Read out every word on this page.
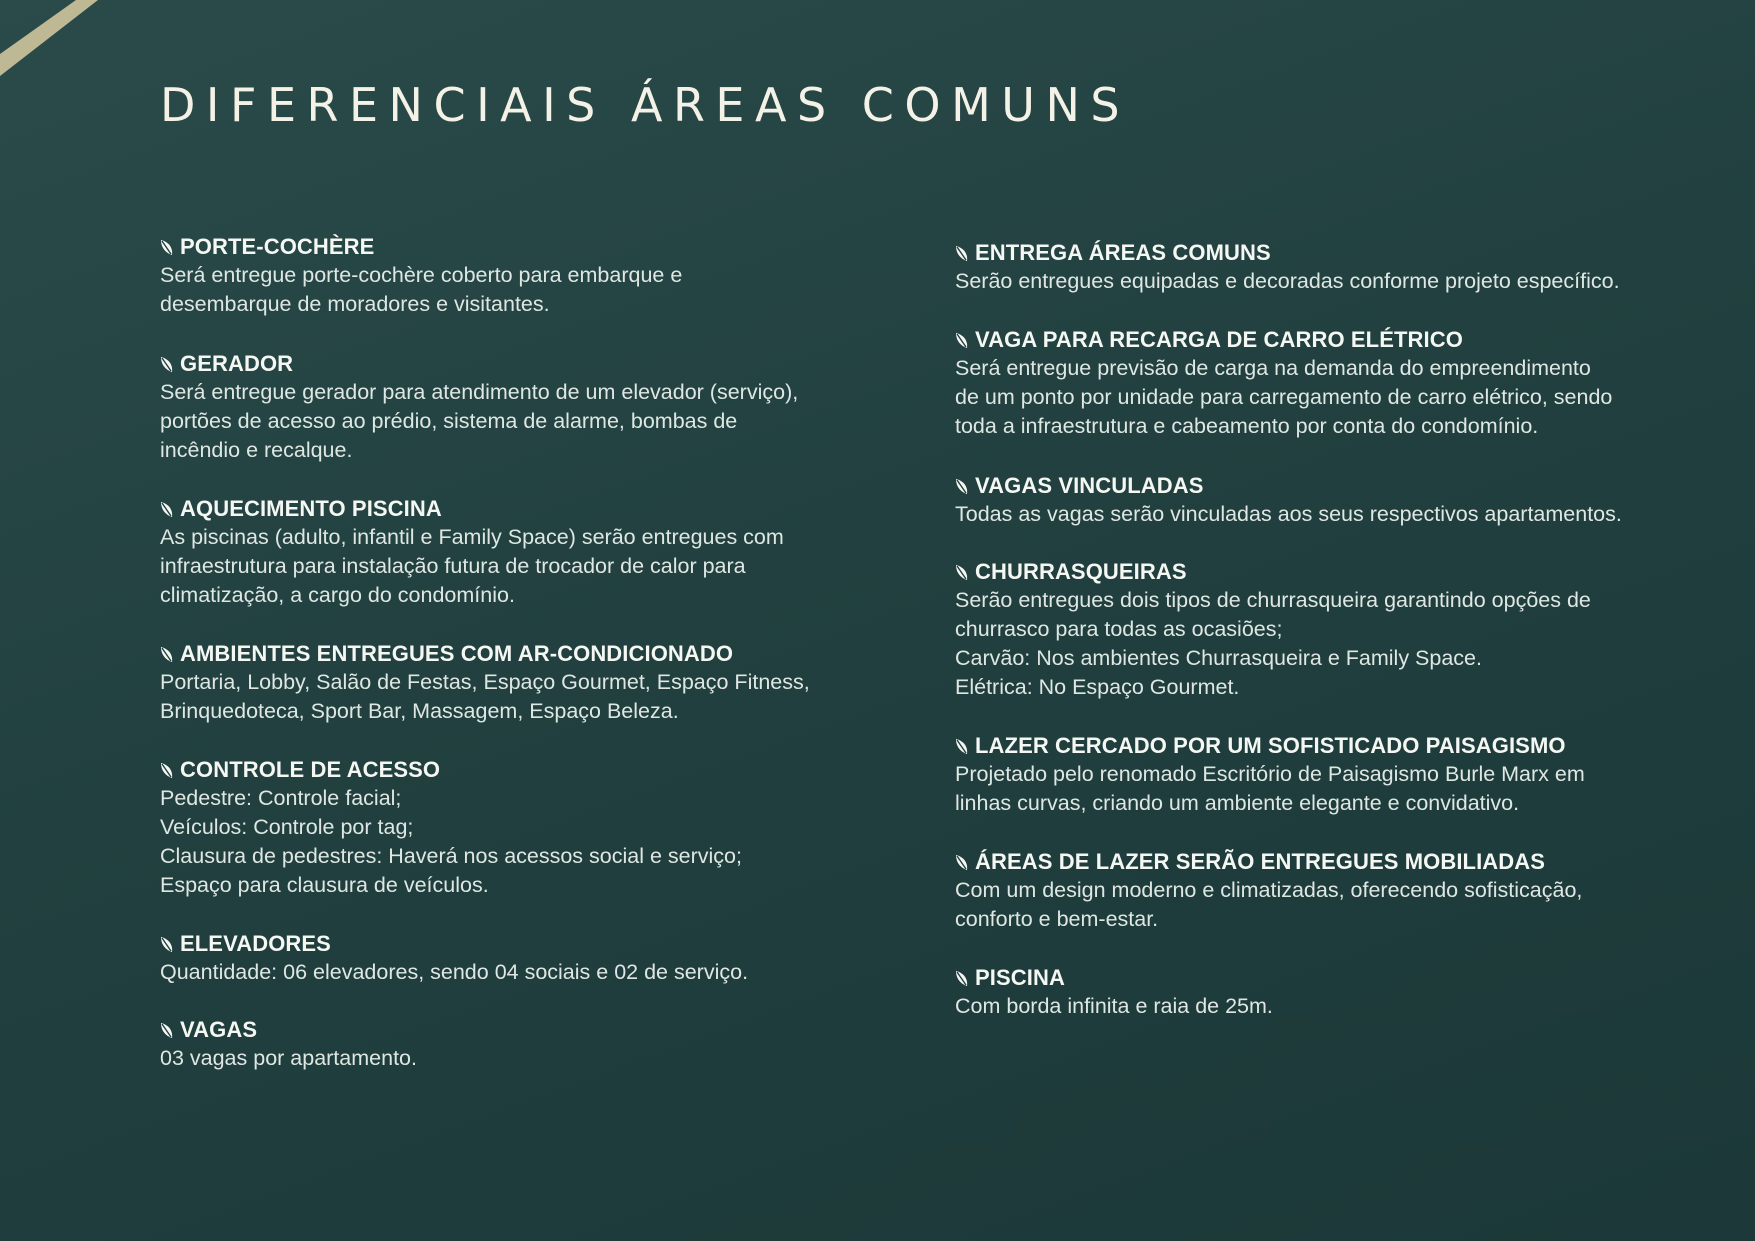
DIFERENCIAIS ÁREAS COMUNS
PORTE-COCHÈRE
Será entregue porte-cochère coberto para embarque e
desembarque de moradores e visitantes.
GERADOR
Será entregue gerador para atendimento de um elevador (serviço),
portões de acesso ao prédio, sistema de alarme, bombas de
incêndio e recalque.
AQUECIMENTO PISCINA
As piscinas (adulto, infantil e Family Space) serão entregues com
infraestrutura para instalação futura de trocador de calor para
climatização, a cargo do condomínio.
AMBIENTES ENTREGUES COM AR-CONDICIONADO
Portaria, Lobby, Salão de Festas, Espaço Gourmet, Espaço Fitness,
Brinquedoteca, Sport Bar, Massagem, Espaço Beleza.
CONTROLE DE ACESSO
Pedestre: Controle facial;
Veículos: Controle por tag;
Clausura de pedestres: Haverá nos acessos social e serviço;
Espaço para clausura de veículos.
ELEVADORES
Quantidade: 06 elevadores, sendo 04 sociais e 02 de serviço.
VAGAS
03 vagas por apartamento.
ENTREGA ÁREAS COMUNS
Serão entregues equipadas e decoradas conforme projeto específico.
VAGA PARA RECARGA DE CARRO ELÉTRICO
Será entregue previsão de carga na demanda do empreendimento
de um ponto por unidade para carregamento de carro elétrico, sendo
toda a infraestrutura e cabeamento por conta do condomínio.
VAGAS VINCULADAS
Todas as vagas serão vinculadas aos seus respectivos apartamentos.
CHURRASQUEIRAS
Serão entregues dois tipos de churrasqueira garantindo opções de
churrasco para todas as ocasiões;
Carvão: Nos ambientes Churrasqueira e Family Space.
Elétrica: No Espaço Gourmet.
LAZER CERCADO POR UM SOFISTICADO PAISAGISMO
Projetado pelo renomado Escritório de Paisagismo Burle Marx em
linhas curvas, criando um ambiente elegante e convidativo.
ÁREAS DE LAZER SERÃO ENTREGUES MOBILIADAS
Com um design moderno e climatizadas, oferecendo sofisticação,
conforto e bem-estar.
PISCINA
Com borda infinita e raia de 25m.
